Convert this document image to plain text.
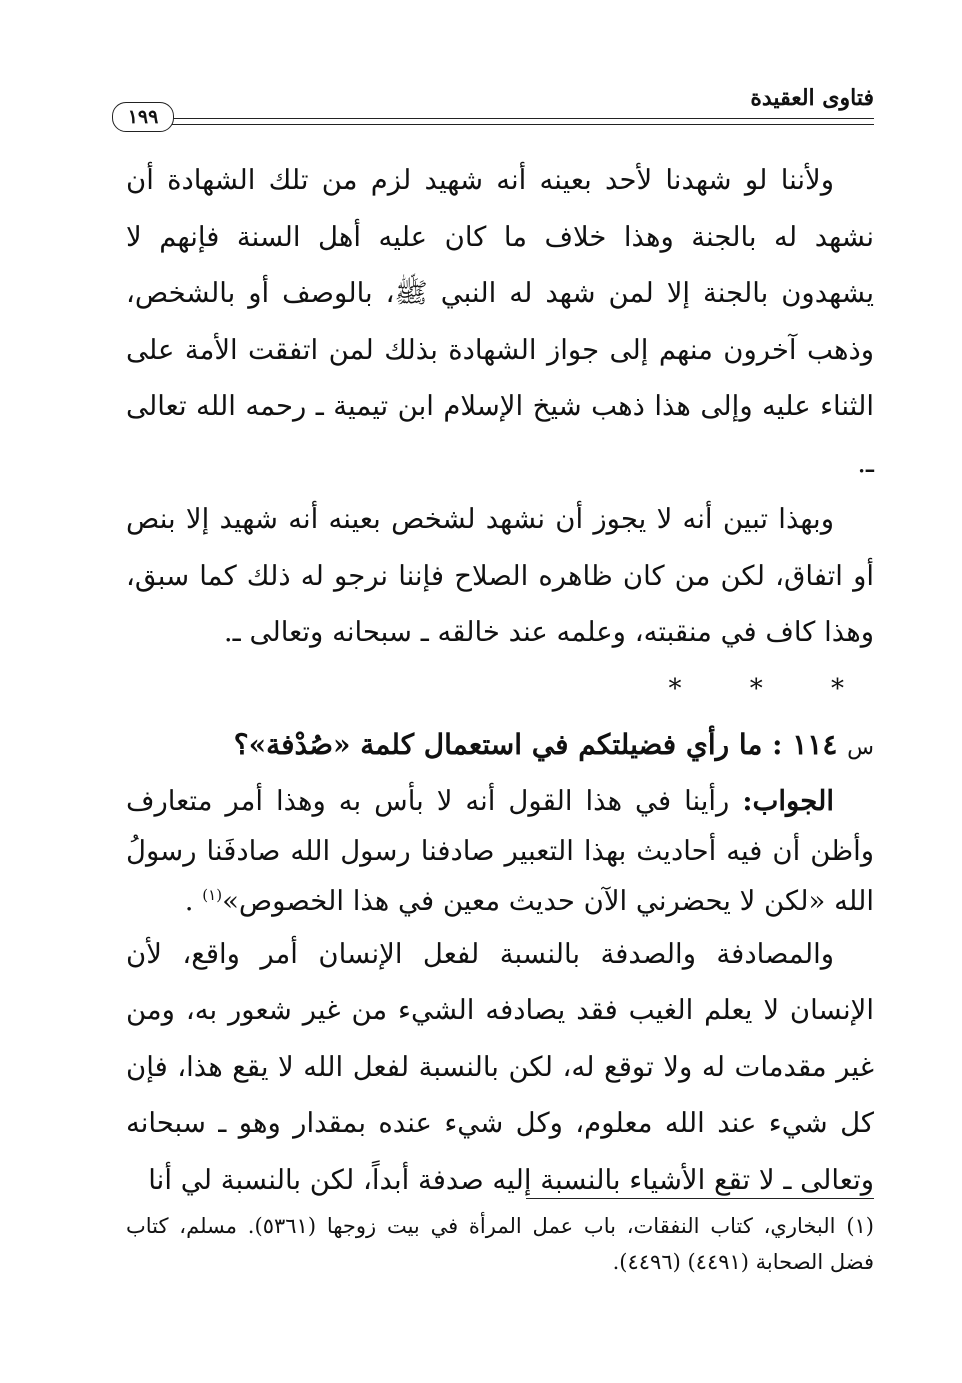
فتاوى العقيدة
١٩٩

ولأننا لو شهدنا لأحد بعينه أنه شهيد لزم من تلك الشهادة أن نشهد له بالجنة وهذا خلاف ما كان عليه أهل السنة فإنهم لا يشهدون بالجنة إلا لمن شهد له النبي ﷺ، بالوصف أو بالشخص، وذهب آخرون منهم إلى جواز الشهادة بذلك لمن اتفقت الأمة على الثناء عليه وإلى هذا ذهب شيخ الإسلام ابن تيمية ـ رحمه الله تعالى ـ.

وبهذا تبين أنه لا يجوز أن نشهد لشخص بعينه أنه شهيد إلا بنص أو اتفاق، لكن من كان ظاهره الصلاح فإننا نرجو له ذلك كما سبق، وهذا كاف في منقبته، وعلمه عند خالقه ـ سبحانه وتعالى ـ.

* * *

س ١١٤ : ما رأي فضيلتكم في استعمال كلمة «صُدْفة»؟

الجواب: رأينا في هذا القول أنه لا بأس به وهذا أمر متعارف وأظن أن فيه أحاديث بهذا التعبير صادفنا رسول الله صادفَنا رسولُ الله «لكن لا يحضرني الآن حديث معين في هذا الخصوص»$^{(١)}$ .

والمصادفة والصدفة بالنسبة لفعل الإنسان أمر واقع، لأن الإنسان لا يعلم الغيب فقد يصادفه الشيء من غير شعور به، ومن غير مقدمات له ولا توقع له، لكن بالنسبة لفعل الله لا يقع هذا، فإن كل شيء عند الله معلوم، وكل شيء عنده بمقدار وهو ـ سبحانه وتعالى ـ لا تقع الأشياء بالنسبة إليه صدفة أبداً، لكن بالنسبة لي أنا

(١) البخاري، كتاب النفقات، باب عمل المرأة في بيت زوجها (٥٣٦١). مسلم، كتاب فضل الصحابة (٤٤٩١) (٤٤٩٦).
